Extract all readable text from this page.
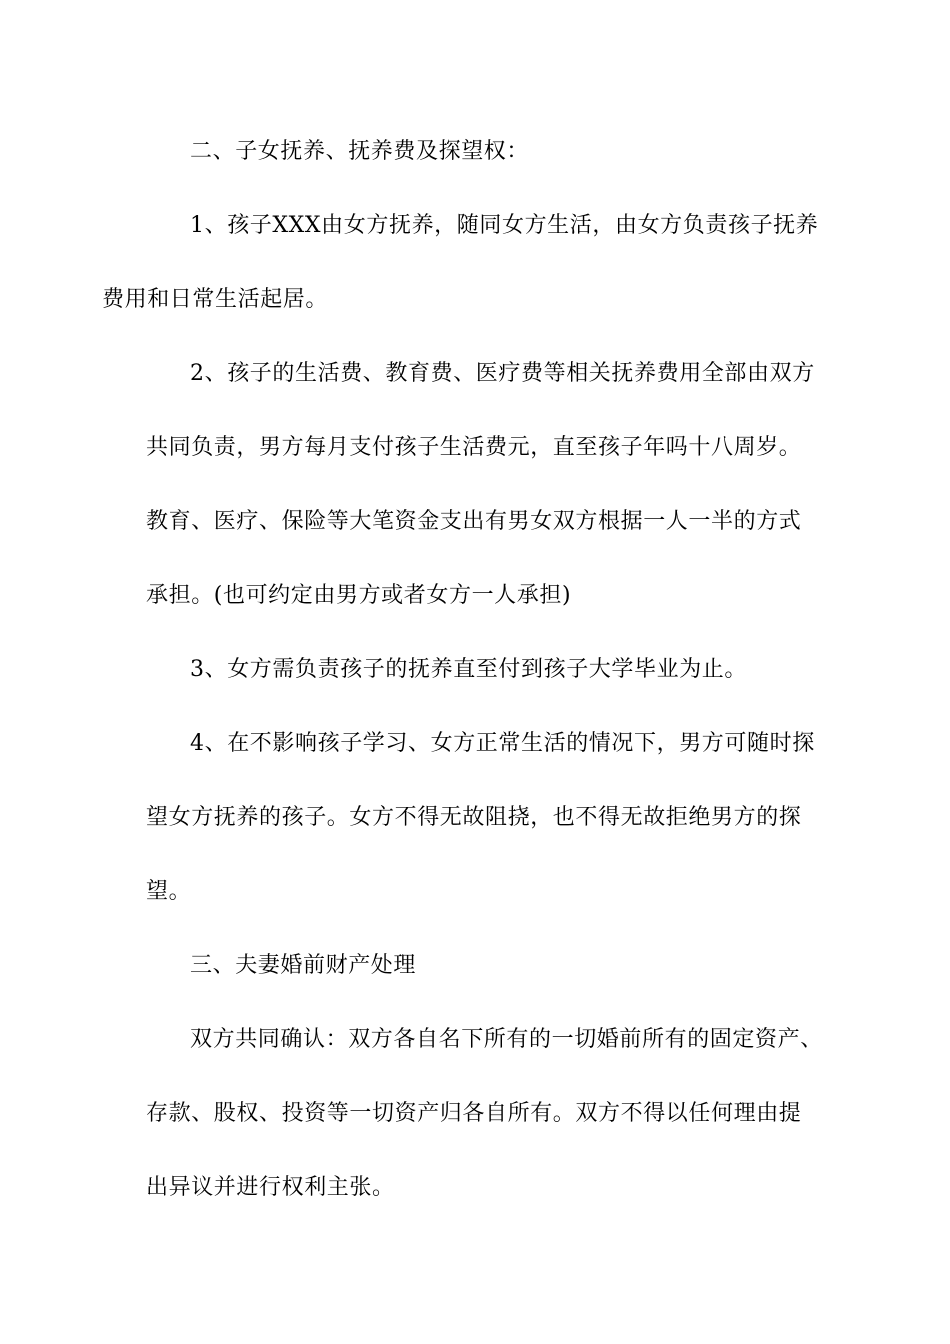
二、子女抚养、抚养费及探望权：

1、孩子XXX由女方抚养，随同女方生活，由女方负责孩子抚养
费用和日常生活起居。

2、孩子的生活费、教育费、医疗费等相关抚养费用全部由双方
共同负责，男方每月支付孩子生活费元，直至孩子年吗十八周岁。
教育、医疗、保险等大笔资金支出有男女双方根据一人一半的方式
承担。(也可约定由男方或者女方一人承担)

3、女方需负责孩子的抚养直至付到孩子大学毕业为止。

4、在不影响孩子学习、女方正常生活的情况下，男方可随时探
望女方抚养的孩子。女方不得无故阻挠，也不得无故拒绝男方的探
望。

三、夫妻婚前财产处理

双方共同确认：双方各自名下所有的一切婚前所有的固定资产、
存款、股权、投资等一切资产归各自所有。双方不得以任何理由提
出异议并进行权利主张。
